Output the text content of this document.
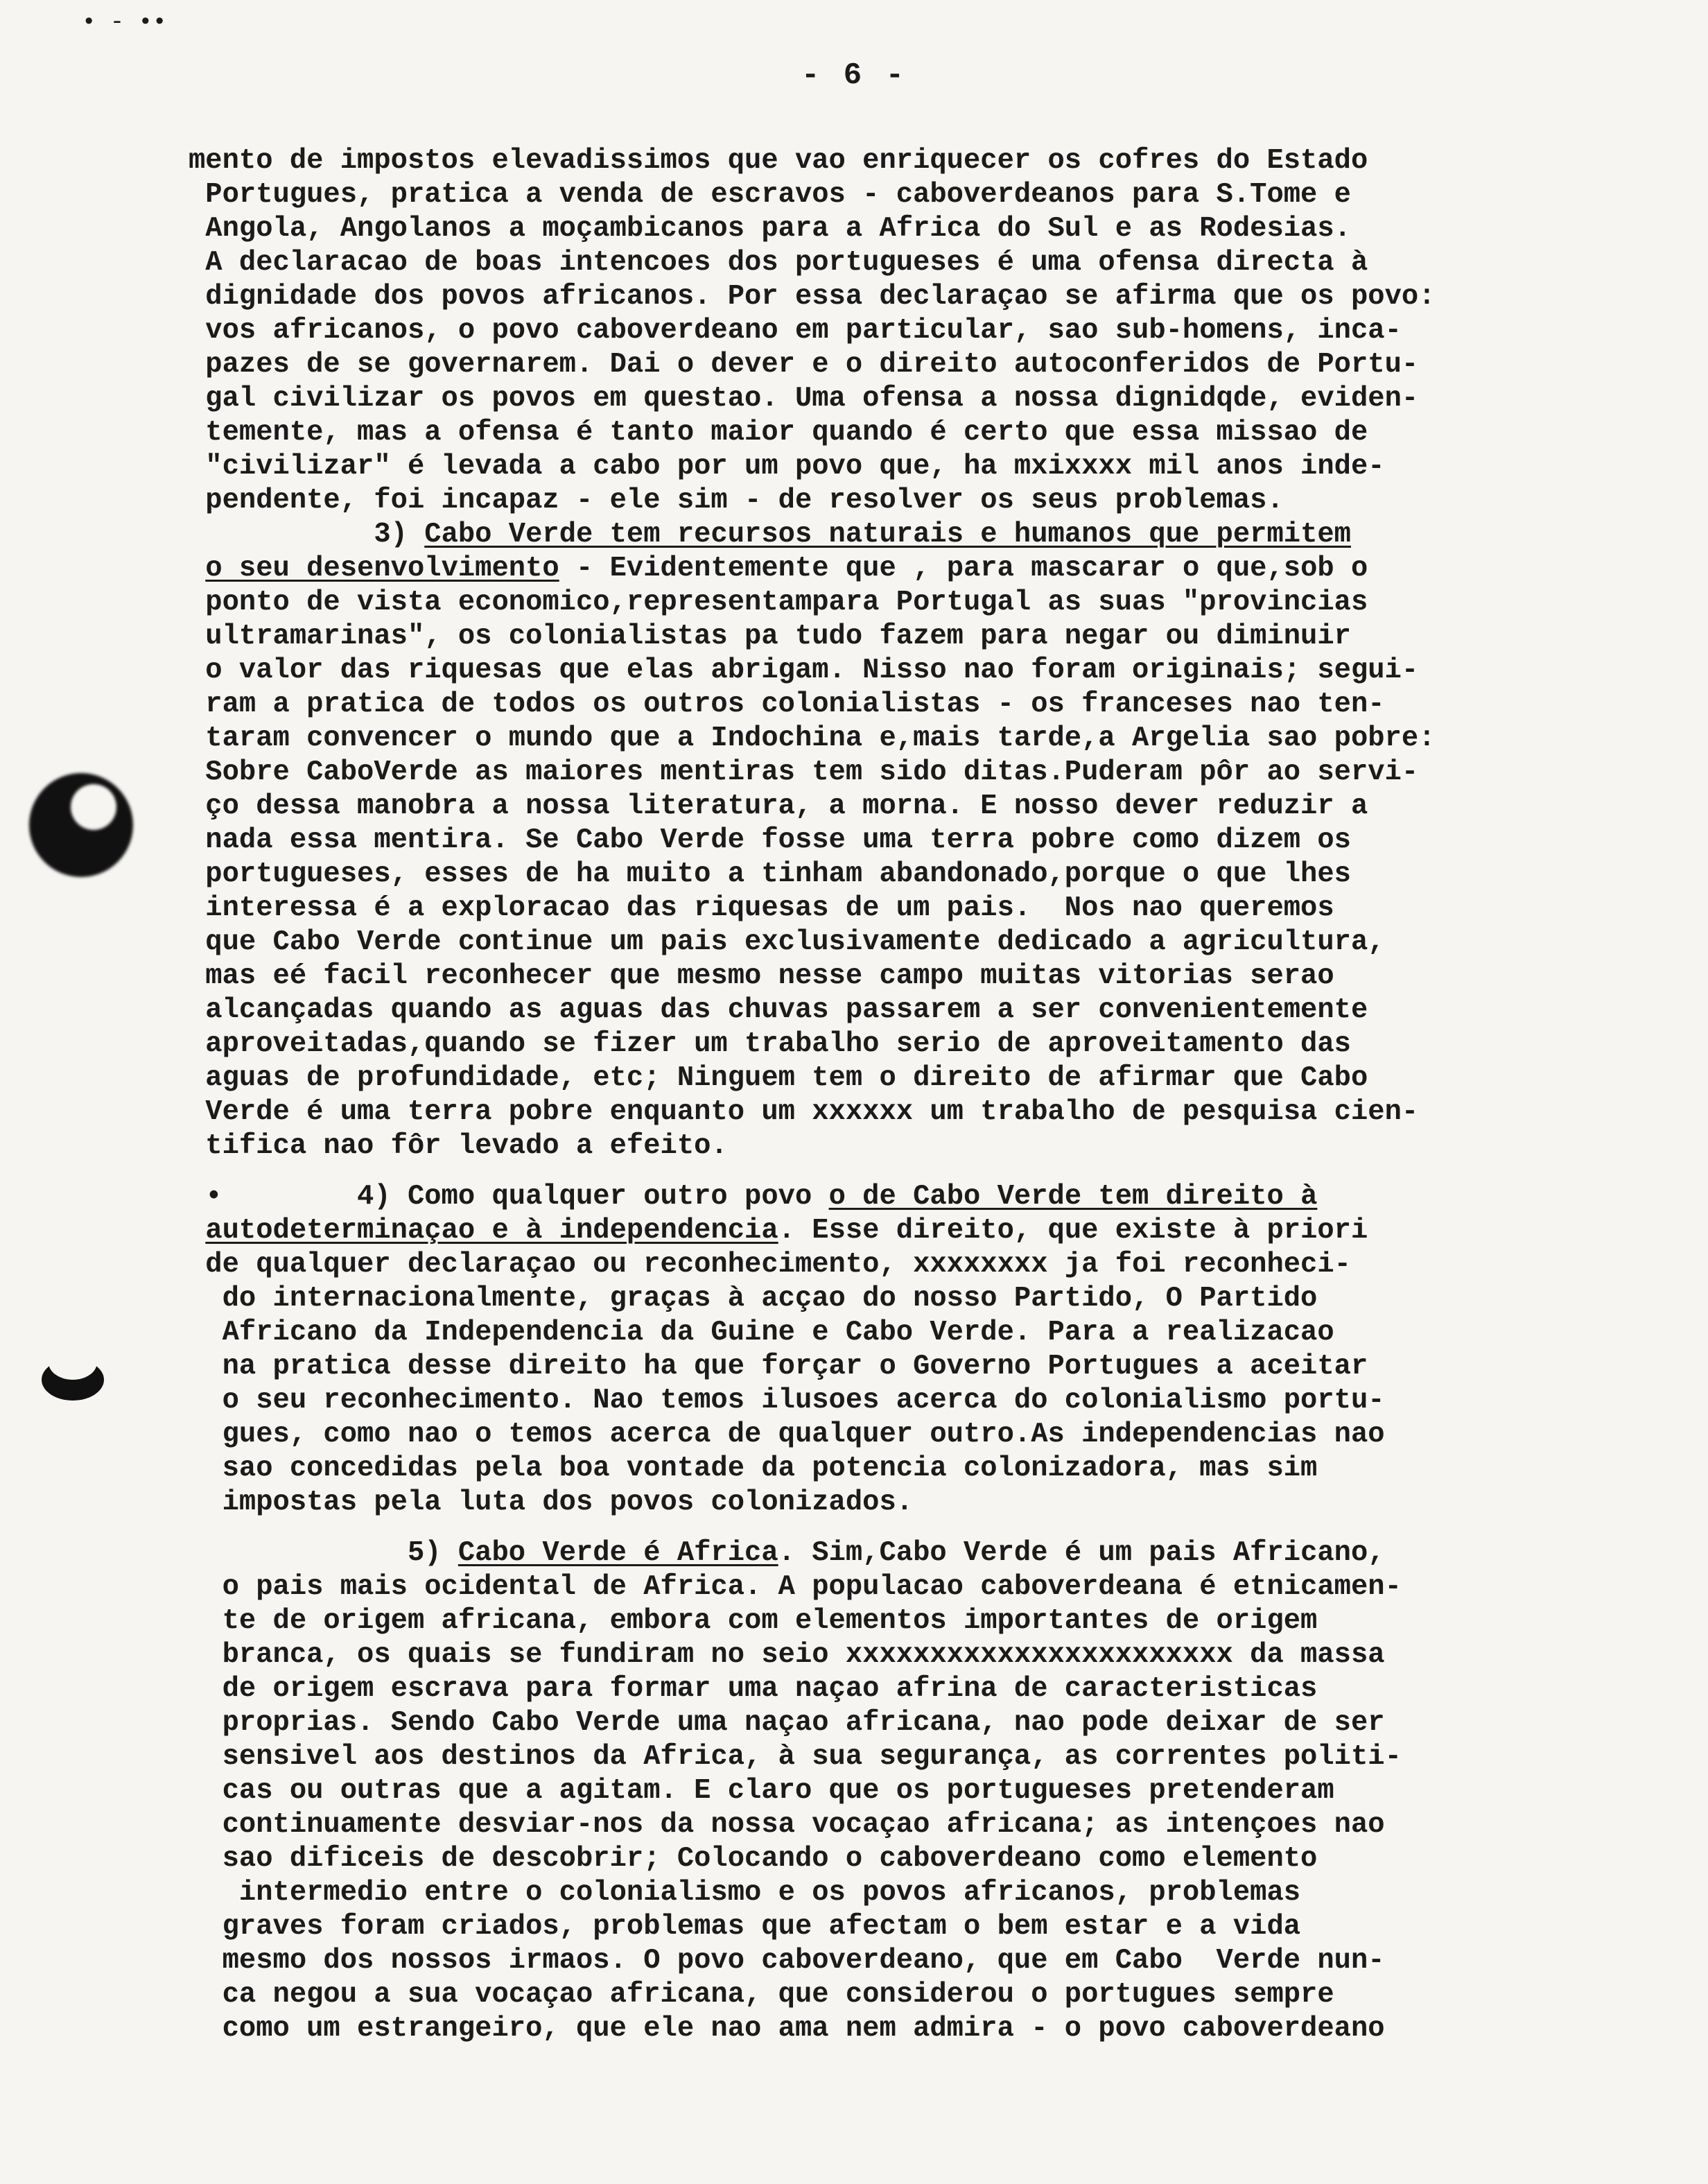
• - ••
- 6 -
mento de impostos elevadissimos que vao enriquecer os cofres do Estado
Portugues, pratica a venda de escravos - caboverdeanos para S.Tome e
Angola, Angolanos a moçambicanos para a Africa do Sul e as Rodesias.
A declaracao de boas intencoes dos portugueses é uma ofensa directa à
dignidade dos povos africanos. Por essa declaraçao se afirma que os povo:
vos africanos, o povo caboverdeano em particular, sao sub-homens, inca-
pazes de se governarem. Dai o dever e o direito autoconferidos de Portu-
gal civilizar os povos em questao. Uma ofensa a nossa dignidqde, eviden-
temente, mas a ofensa é tanto maior quando é certo que essa missao de
"civilizar" é levada a cabo por um povo que, ha mxixxxx mil anos inde-
pendente, foi incapaz - ele sim - de resolver os seus problemas.
3) Cabo Verde tem recursos naturais e humanos que permitem
o seu desenvolvimento - Evidentemente que , para mascarar o que,sob o
ponto de vista economico,representampara Portugal as suas "provincias
ultramarinas", os colonialistas pa tudo fazem para negar ou diminuir
o valor das riquesas que elas abrigam. Nisso nao foram originais; segui-
ram a pratica de todos os outros colonialistas - os franceses nao ten-
taram convencer o mundo que a Indochina e,mais tarde,a Argelia sao pobre:
Sobre CaboVerde as maiores mentiras tem sido ditas.Puderam pôr ao servi-
ço dessa manobra a nossa literatura, a morna. E nosso dever reduzir a
nada essa mentira. Se Cabo Verde fosse uma terra pobre como dizem os
portugueses, esses de ha muito a tinham abandonado,porque o que lhes
interessa é a exploracao das riquesas de um pais.  Nos nao queremos
que Cabo Verde continue um pais exclusivamente dedicado a agricultura,
mas eé facil reconhecer que mesmo nesse campo muitas vitorias serao
alcançadas quando as aguas das chuvas passarem a ser convenientemente
aproveitadas,quando se fizer um trabalho serio de aproveitamento das
aguas de profundidade, etc; Ninguem tem o direito de afirmar que Cabo
Verde é uma terra pobre enquanto um xxxxxx um trabalho de pesquisa cien-
tifica nao fôr levado a efeito.
•        4) Como qualquer outro povo o de Cabo Verde tem direito à
autodeterminaçao e à independencia. Esse direito, que existe à priori
de qualquer declaraçao ou reconhecimento, xxxxxxxx ja foi reconheci-
do internacionalmente, graças à acçao do nosso Partido, O Partido
Africano da Independencia da Guine e Cabo Verde. Para a realizacao
na pratica desse direito ha que forçar o Governo Portugues a aceitar
o seu reconhecimento. Nao temos ilusoes acerca do colonialismo portu-
gues, como nao o temos acerca de qualquer outro.As independencias nao
sao concedidas pela boa vontade da potencia colonizadora, mas sim
impostas pela luta dos povos colonizados.
5) Cabo Verde é Africa. Sim,Cabo Verde é um pais Africano,
o pais mais ocidental de Africa. A populacao caboverdeana é etnicamen-
te de origem africana, embora com elementos importantes de origem
branca, os quais se fundiram no seio xxxxxxxxxxxxxxxxxxxxxxx da massa
de origem escrava para formar uma naçao afrina de caracteristicas
proprias. Sendo Cabo Verde uma naçao africana, nao pode deixar de ser
sensivel aos destinos da Africa, à sua segurança, as correntes politi-
cas ou outras que a agitam. E claro que os portugueses pretenderam
continuamente desviar-nos da nossa vocaçao africana; as intençoes nao
sao dificeis de descobrir; Colocando o caboverdeano como elemento
intermedio entre o colonialismo e os povos africanos, problemas
graves foram criados, problemas que afectam o bem estar e a vida
mesmo dos nossos irmaos. O povo caboverdeano, que em Cabo  Verde nun-
ca negou a sua vocaçao africana, que considerou o portugues sempre
como um estrangeiro, que ele nao ama nem admira - o povo caboverdeano
